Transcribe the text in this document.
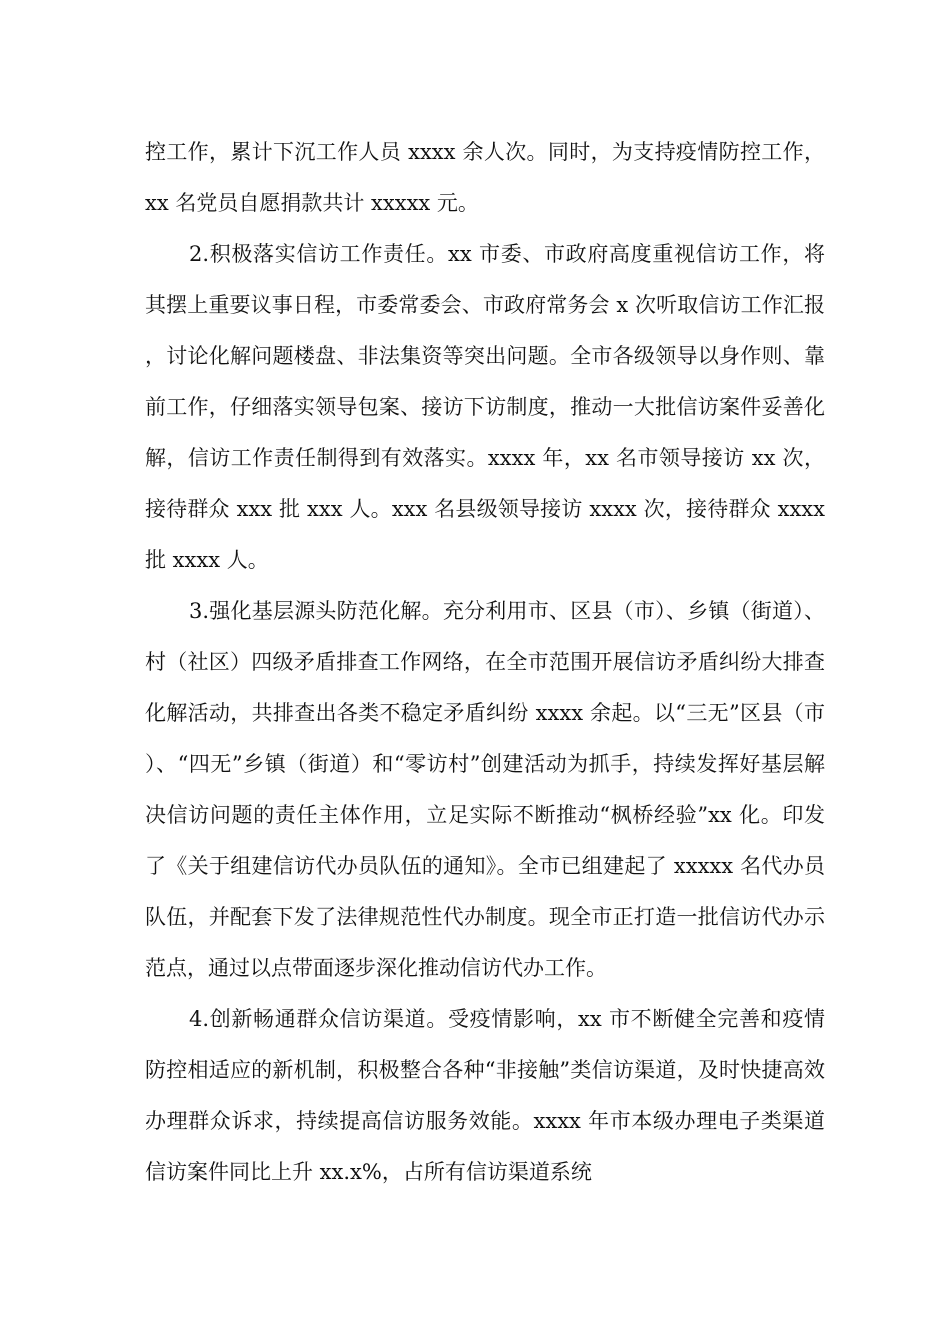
控工作，累计下沉工作人员 xxxx 余人次。同时，为支持疫情防控工作，xx 名党员自愿捐款共计 xxxxx 元。

2.积极落实信访工作责任。xx 市委、市政府高度重视信访工作，将其摆上重要议事日程，市委常委会、市政府常务会 x 次听取信访工作汇报，讨论化解问题楼盘、非法集资等突出问题。全市各级领导以身作则、靠前工作，仔细落实领导包案、接访下访制度，推动一大批信访案件妥善化解，信访工作责任制得到有效落实。xxxx 年，xx 名市领导接访 xx 次，接待群众 xxx 批 xxx 人。xxx 名县级领导接访 xxxx 次，接待群众 xxxx 批 xxxx 人。

3.强化基层源头防范化解。充分利用市、区县（市）、乡镇（街道）、村（社区）四级矛盾排查工作网络，在全市范围开展信访矛盾纠纷大排查化解活动，共排查出各类不稳定矛盾纠纷 xxxx 余起。以“三无”区县（市）、“四无”乡镇（街道）和“零访村”创建活动为抓手，持续发挥好基层解决信访问题的责任主体作用，立足实际不断推动“枫桥经验”xx 化。印发了《关于组建信访代办员队伍的通知》。全市已组建起了 xxxxx 名代办员队伍，并配套下发了法律规范性代办制度。现全市正打造一批信访代办示范点，通过以点带面逐步深化推动信访代办工作。

4.创新畅通群众信访渠道。受疫情影响，xx 市不断健全完善和疫情防控相适应的新机制，积极整合各种“非接触”类信访渠道，及时快捷高效办理群众诉求，持续提高信访服务效能。xxxx 年市本级办理电子类渠道信访案件同比上升 xx.x%，占所有信访渠道系统
